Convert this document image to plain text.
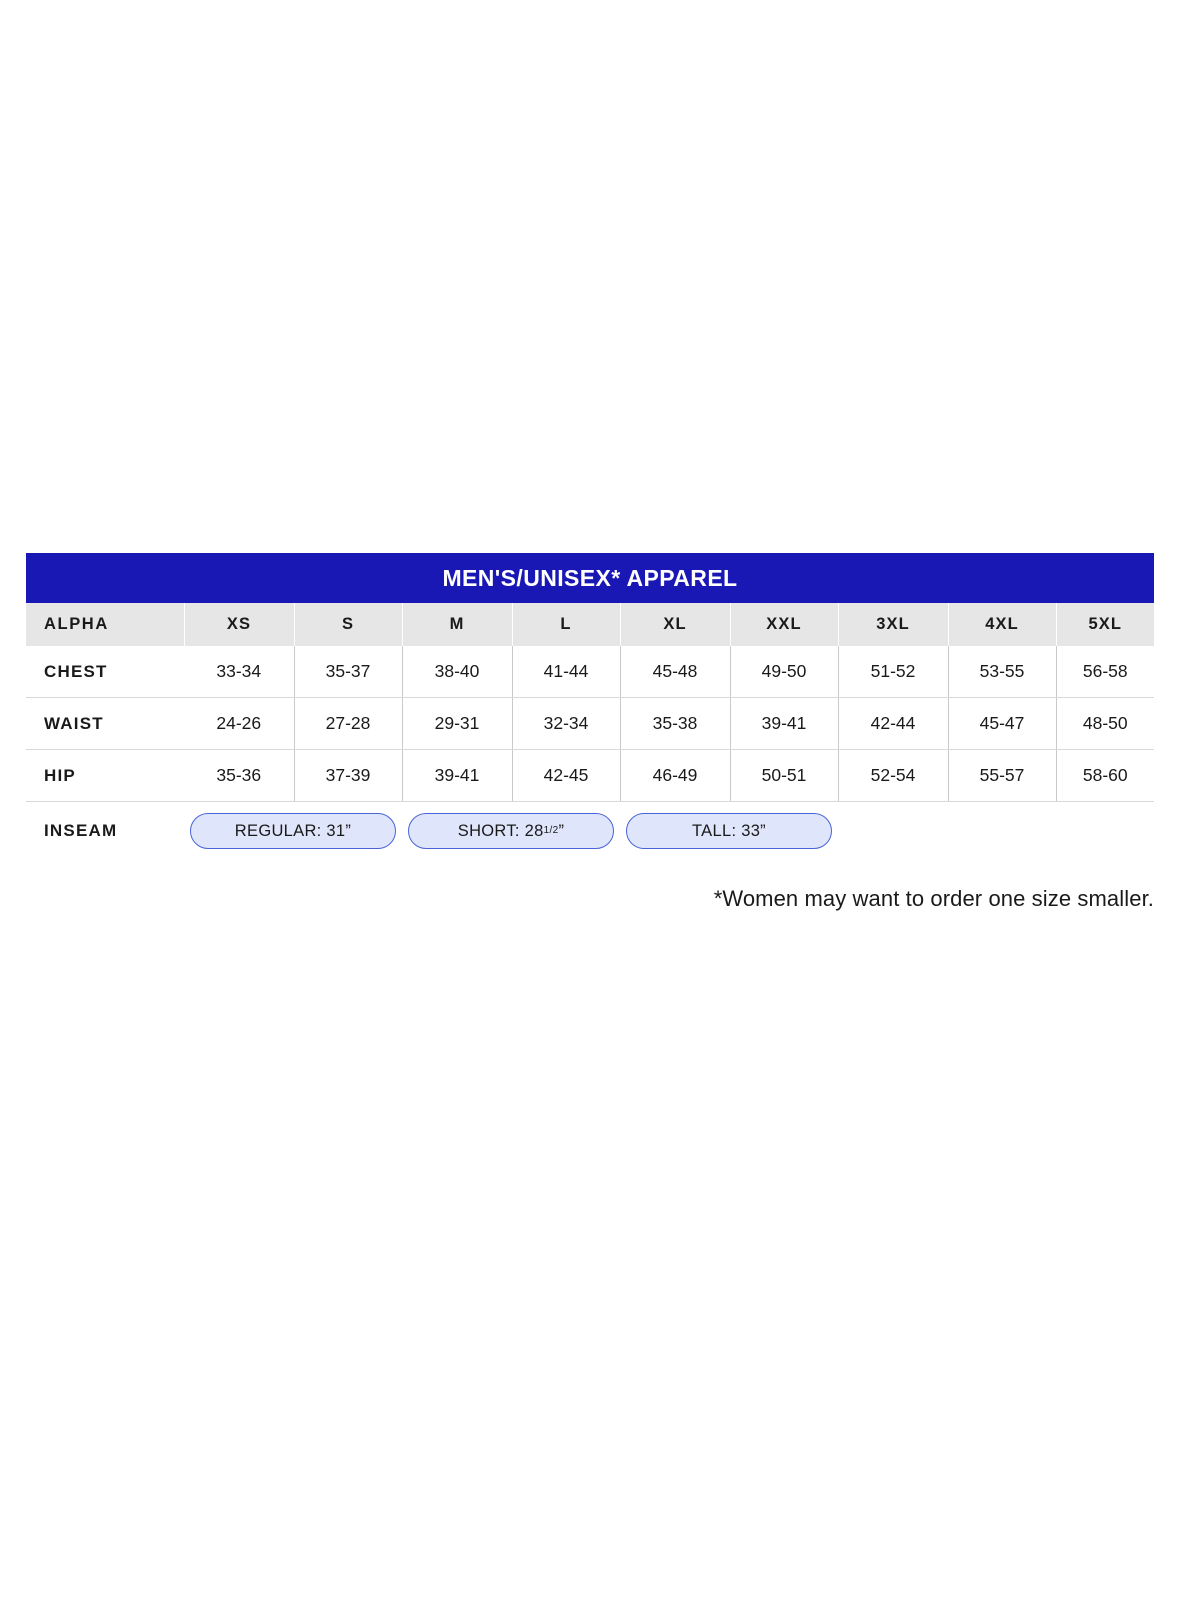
MEN'S/UNISEX* APPAREL
ALPHA	XS	S	M	L	XL	XXL	3XL	4XL	5XL
CHEST	33-34	35-37	38-40	41-44	45-48	49-50	51-52	53-55	56-58
WAIST	24-26	27-28	29-31	32-34	35-38	39-41	42-44	45-47	48-50
HIP	35-36	37-39	39-41	42-45	46-49	50-51	52-54	55-57	58-60
INSEAM	REGULAR: 31 ”		SHORT: 28 1/2 ”		TALL: 33 ”				

*Women may want to order one size smaller.
